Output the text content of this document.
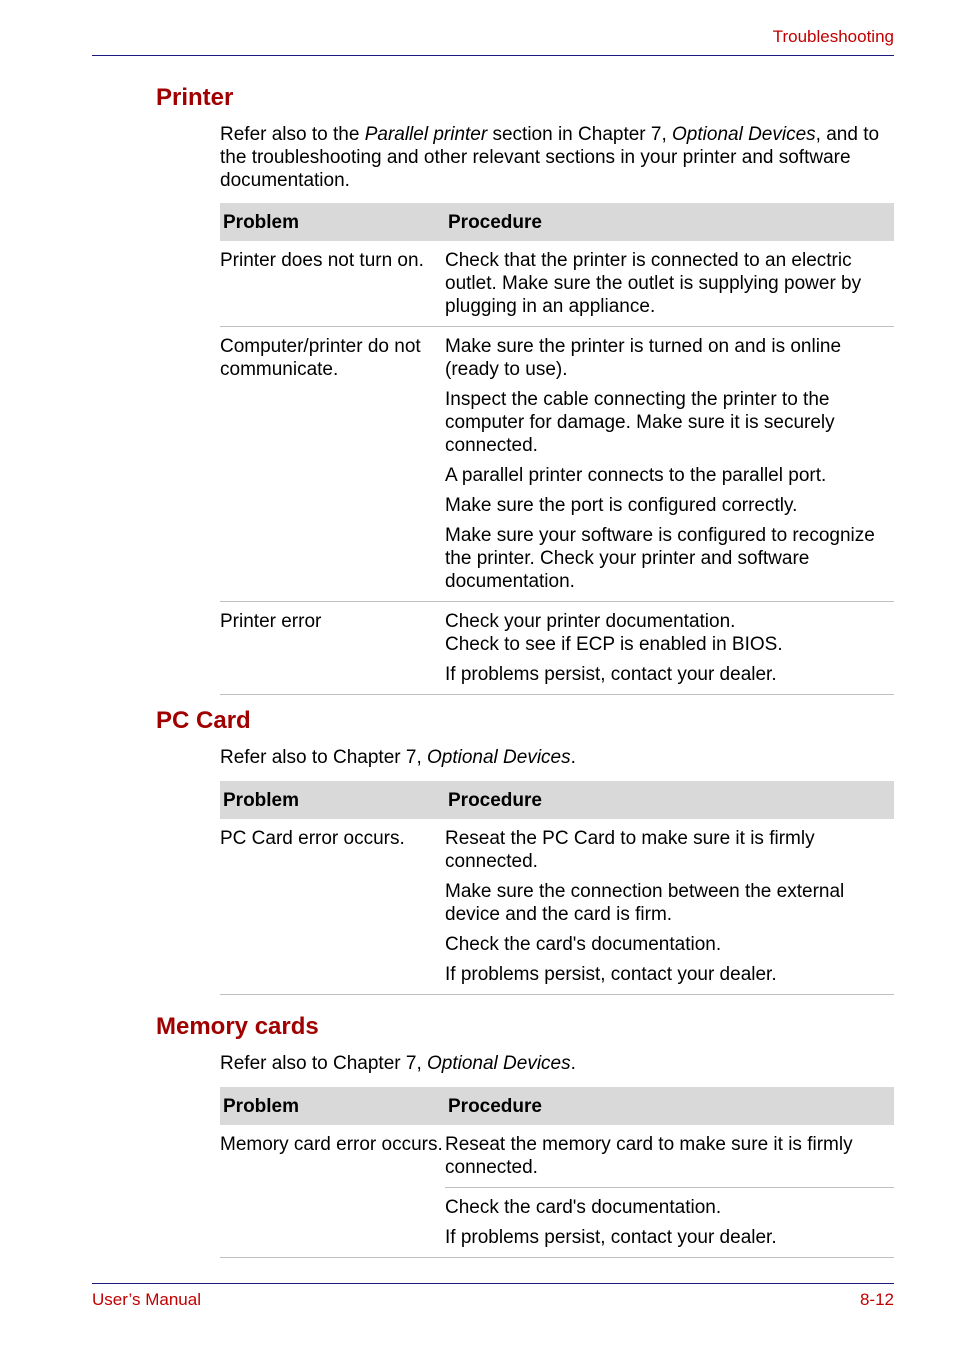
Troubleshooting
Printer
Refer also to the Parallel printer section in Chapter 7, Optional Devices, and to the troubleshooting and other relevant sections in your printer and software documentation.
Problem	Procedure
Printer does not turn on.	Check that the printer is connected to an electric outlet. Make sure the outlet is supplying power by plugging in an appliance.

Computer/printer do not communicate.	Make sure the printer is turned on and is online (ready to use).

Inspect the cable connecting the printer to the computer for damage. Make sure it is securely connected.

A parallel printer connects to the parallel port.

Make sure the port is configured correctly.

Make sure your software is configured to recognize the printer. Check your printer and software documentation.

Printer error	Check your printer documentation.

Check to see if ECP is enabled in BIOS.

If problems persist, contact your dealer.

PC Card
Refer also to Chapter 7, Optional Devices.
Problem	Procedure
PC Card error occurs.	Reseat the PC Card to make sure it is firmly connected.

Make sure the connection between the external device and the card is firm.

Check the card's documentation.

If problems persist, contact your dealer.

Memory cards
Refer also to Chapter 7, Optional Devices.
Problem	Procedure
Memory card error occurs.	Reseat the memory card to make sure it is firmly connected.

	Check the card's documentation.

If problems persist, contact your dealer.

User’s Manual	8-12
